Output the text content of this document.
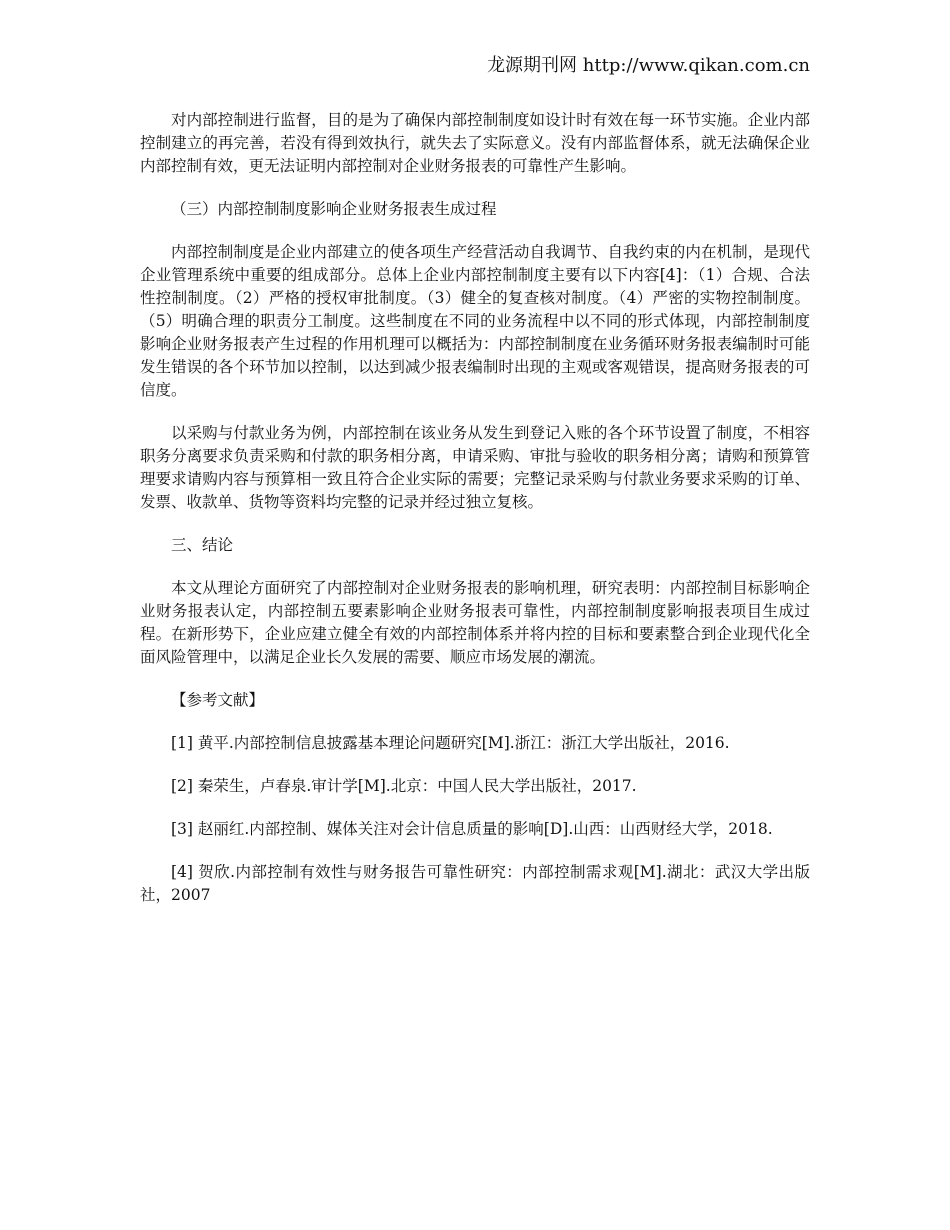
龙源期刊网 http://www.qikan.com.cn

对内部控制进行监督，目的是为了确保内部控制制度如设计时有效在每一环节实施。企业内部控制建立的再完善，若没有得到效执行，就失去了实际意义。没有内部监督体系，就无法确保企业内部控制有效，更无法证明内部控制对企业财务报表的可靠性产生影响。

（三）内部控制制度影响企业财务报表生成过程

内部控制制度是企业内部建立的使各项生产经营活动自我调节、自我约束的内在机制，是现代企业管理系统中重要的组成部分。总体上企业内部控制制度主要有以下内容[4]：（1）合规、合法性控制制度。（2）严格的授权审批制度。（3）健全的复查核对制度。（4）严密的实物控制制度。（5）明确合理的职责分工制度。这些制度在不同的业务流程中以不同的形式体现，内部控制制度影响企业财务报表产生过程的作用机理可以概括为：内部控制制度在业务循环财务报表编制时可能发生错误的各个环节加以控制，以达到减少报表编制时出现的主观或客观错误，提高财务报表的可信度。

以采购与付款业务为例，内部控制在该业务从发生到登记入账的各个环节设置了制度，不相容职务分离要求负责采购和付款的职务相分离，申请采购、审批与验收的职务相分离；请购和预算管理要求请购内容与预算相一致且符合企业实际的需要；完整记录采购与付款业务要求采购的订单、发票、收款单、货物等资料均完整的记录并经过独立复核。

三、结论

本文从理论方面研究了内部控制对企业财务报表的影响机理，研究表明：内部控制目标影响企业财务报表认定，内部控制五要素影响企业财务报表可靠性，内部控制制度影响报表项目生成过程。在新形势下，企业应建立健全有效的内部控制体系并将内控的目标和要素整合到企业现代化全面风险管理中，以满足企业长久发展的需要、顺应市场发展的潮流。

【参考文献】

[1] 黄平.内部控制信息披露基本理论问题研究[M].浙江：浙江大学出版社，2016.

[2] 秦荣生，卢春泉.审计学[M].北京：中国人民大学出版社，2017.

[3] 赵丽红.内部控制、媒体关注对会计信息质量的影响[D].山西：山西财经大学，2018.

[4] 贺欣.内部控制有效性与财务报告可靠性研究：内部控制需求观[M].湖北：武汉大学出版社，2007
